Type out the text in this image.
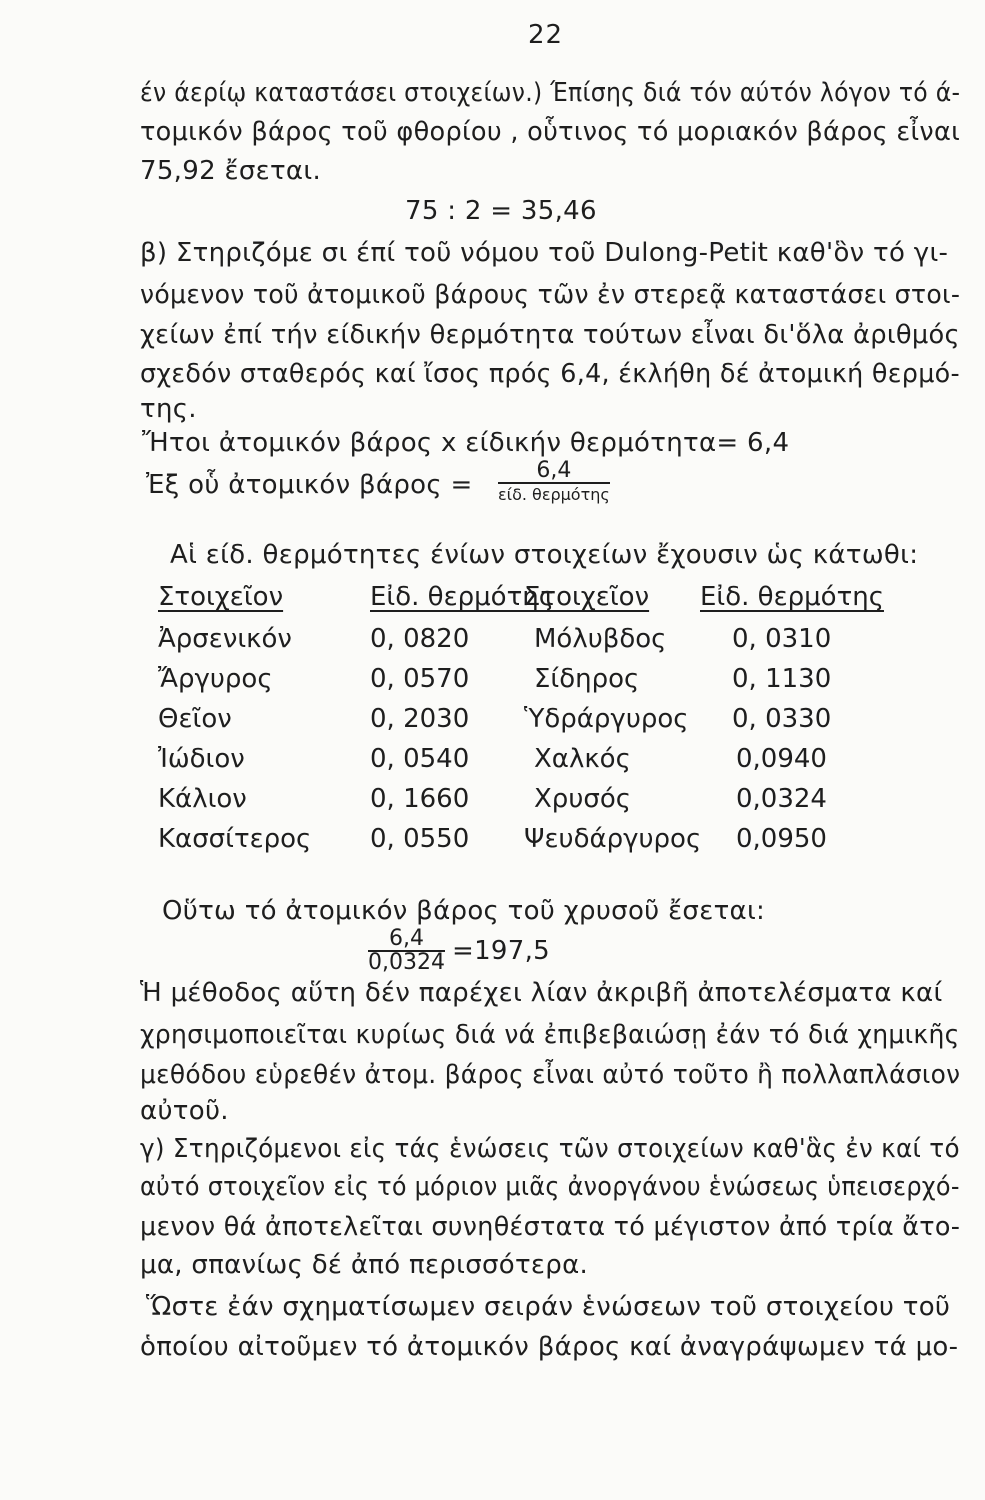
22
έν άερίῳ καταστάσει στοιχείων.) Έπίσης διά τόν αύτόν λόγον τό ά-
τομικόν βάρος τοῦ φθορίου , οὗτινος τό μοριακόν βάρος εἶναι
75,92 ἔσεται.
75 : 2 = 35,46
β) Στηριζόμε σι έπί τοῦ νόμου τοῦ Dulong-Petit καθ'ὃν τό γι-
νόμενον τοῦ ἀτομικοῦ βάρους τῶν ἐν στερεᾷ καταστάσει στοι-
χείων ἐπί τήν είδικήν θερμότητα τούτων εἶναι δι'ὅλα ἀριθμός
σχεδόν σταθερός καί ἴσος πρός 6,4, έκλήθη δέ ἀτομική θερμό-
της.
Ἤτοι ἀτομικόν βάρος x είδικήν θερμότητα= 6,4
Ἐξ οὗ ἀτομικόν βάρος =	6,4
είδ. θερμότης
Αἱ είδ. θερμότητες ένίων στοιχείων ἔχουσιν ὡς κάτωθι:
Στοιχεῖον	Εἰδ. θερμότης
Στοιχεῖον Εἰδ. θερμότης
Ἀρσενικόν	0, 0820 Μόλυβδος	0, 0310
Ἄργυρος	0, 0570 Σίδηρος	0, 1130
Θεῖον	0, 2030 Ὑδράργυρος 0, 0330
Ἰώδιον	0, 0540 Χαλκός	0,0940
Κάλιον	0, 1660 Χρυσός	0,0324
Κασσίτερος 0, 0550 Ψευδάργυρος 0,0950
Οὕτω τό ἀτομικόν βάρος τοῦ χρυσοῦ ἔσεται:
$\frac{6,4}{0,0324} =197,5$
Ἡ μέθοδος αὕτη δέν παρέχει λίαν ἀκριβῆ ἀποτελέσματα καί
χρησιμοποιεῖται κυρίως διά νά ἐπιβεβαιώσῃ ἐάν τό διά χημικῆς
μεθόδου εὑρεθέν ἀτομ. βάρος εἶναι αὐτό τοῦτο ἢ πολλαπλάσιον
αὐτοῦ.
γ) Στηριζόμενοι εἰς τάς ἑνώσεις τῶν στοιχείων καθ'ἃς ἐν καί τό
αὐτό στοιχεῖον εἰς τό μόριον μιᾶς ἀνοργάνου ἑνώσεως ὑπεισερχό-
μενον θά ἀποτελεῖται συνηθέστατα τό μέγιστον ἀπό τρία ἄτο-
μα, σπανίως δέ ἀπό περισσότερα.
Ὥστε ἐάν σχηματίσωμεν σειράν ἑνώσεων τοῦ στοιχείου τοῦ
ὁποίου αἰτοῦμεν τό ἀτομικόν βάρος καί ἀναγράψωμεν τά μο-
